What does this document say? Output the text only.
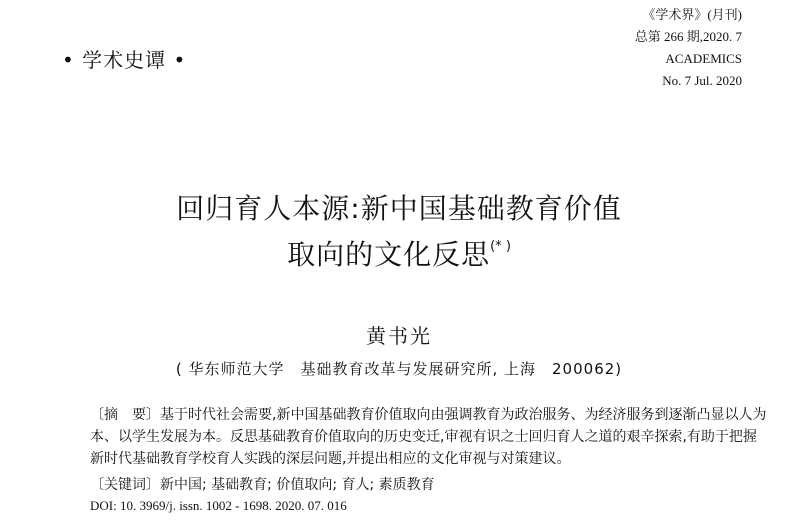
• 学术史谭 •
《学术界》(月刊)
总第 266 期,2020. 7
ACADEMICS
No. 7 Jul. 2020
回归育人本源:新中国基础教育价值
取向的文化反思(* )
黄书光
( 华东师范大学　基础教育改革与发展研究所, 上海　200062)
〔摘　要〕基于时代社会需要,新中国基础教育价值取向由强调教育为政治服务、为经济服务到逐渐凸显以人为本、以学生发展为本。反思基础教育价值取向的历史变迁,审视有识之士回归育人之道的艰辛探索,有助于把握新时代基础教育学校育人实践的深层问题,并提出相应的文化审视与对策建议。
〔关键词〕新中国; 基础教育; 价值取向; 育人; 素质教育
DOI: 10. 3969/j. issn. 1002 - 1698. 2020. 07. 016
